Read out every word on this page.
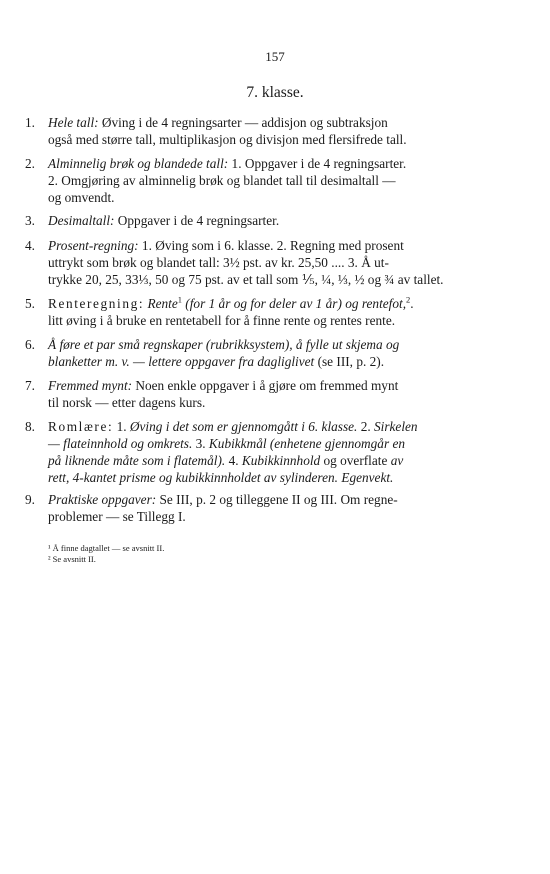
157
7. klasse.
1. Hele tall: Øving i de 4 regningsarter — addisjon og subtraksjon
også med større tall, multiplikasjon og divisjon med flersifrede tall.
2. Alminnelig brøk og blandede tall: 1. Oppgaver i de 4 regningsarter.
2. Omgjøring av alminnelig brøk og blandet tall til desimaltall —
og omvendt.
3. Desimaltall: Oppgaver i de 4 regningsarter.
4. Prosent-regning: 1. Øving som i 6. klasse. 2. Regning med prosent
uttrykt som brøk og blandet tall: 3½ pst. av kr. 25,50 .... 3. Å ut-
trykke 20, 25, 33⅓, 50 og 75 pst. av et tall som ⅕, ¼, ⅓, ½ og ¾ av tallet.
5. Renteregning: Rente$^1$ (for 1 år og for deler av 1 år) og rentefot,$^2$.
litt øving i å bruke en rentetabell for å finne rente og rentes rente.
6. Å føre et par små regnskaper (rubrikksystem), å fylle ut skjema og
blanketter m. v. — lettere oppgaver fra dagliglivet (se III, p. 2).
7. Fremmed mynt: Noen enkle oppgaver i å gjøre om fremmed mynt
til norsk — etter dagens kurs.
8. Romlære: 1. Øving i det som er gjennomgått i 6. klasse. 2. Sirkelen
— flateinnhold og omkrets. 3. Kubikkmål (enhetene gjennomgår en
på liknende måte som i flatemål). 4. Kubikkinnhold og overflate av
rett, 4-kantet prisme og kubikkinnholdet av sylinderen. Egenvekt.
9. Praktiske oppgaver: Se III, p. 2 og tilleggene II og III. Om regne-
problemer — se Tillegg I.
¹ Å finne dagtallet — se avsnitt II.
² Se avsnitt II.
